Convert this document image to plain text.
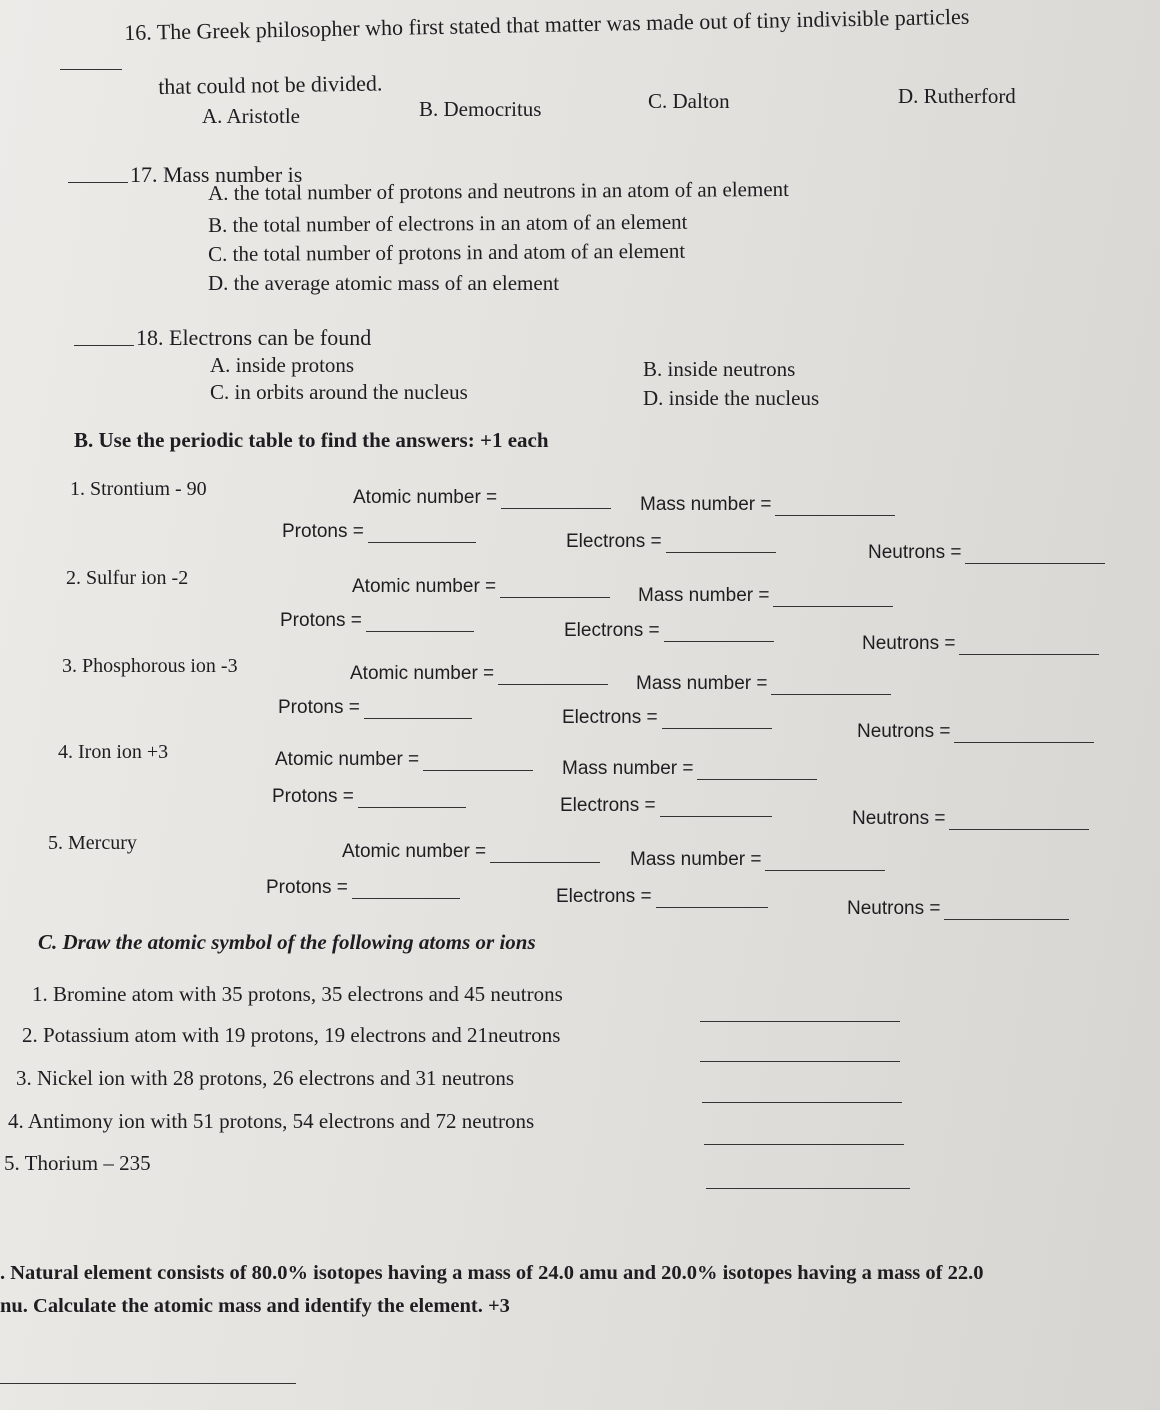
16. The Greek philosopher who first stated that matter was made out of tiny indivisible particles
that could not be divided.
A. Aristotle	B. Democritus	C. Dalton	D. Rutherford
17. Mass number is
A. the total number of protons and neutrons in an atom of an element
B. the total number of electrons in an atom of an element
C. the total number of protons in and atom of an element
D. the average atomic mass of an element
18. Electrons can be found
A. inside protons	B. inside neutrons
C. in orbits around the nucleus	D. inside the nucleus
B. Use the periodic table to find the answers: +1 each
1. Strontium - 90	Atomic number =	Mass number =
Protons =	Electrons =
Neutrons =
2. Sulfur ion -2	Atomic number =	Mass number =
Protons =	Electrons =
Neutrons =
3. Phosphorous ion -3	Atomic number =	Mass number =
Protons =	Electrons =
Neutrons =
4. Iron ion +3	Atomic number =	Mass number =
Protons =	Electrons =
Neutrons =
5. Mercury	Atomic number =	Mass number =
Protons =	Electrons =
Neutrons =
C. Draw the atomic symbol of the following atoms or ions
1. Bromine atom with 35 protons, 35 electrons and 45 neutrons
2. Potassium atom with 19 protons, 19 electrons and 21neutrons
3. Nickel ion with 28 protons, 26 electrons and 31 neutrons
4. Antimony ion with 51 protons, 54 electrons and 72 neutrons
5. Thorium – 235
. Natural element consists of 80.0% isotopes having a mass of 24.0 amu and 20.0% isotopes having a mass of 22.0
nu. Calculate the atomic mass and identify the element. +3
